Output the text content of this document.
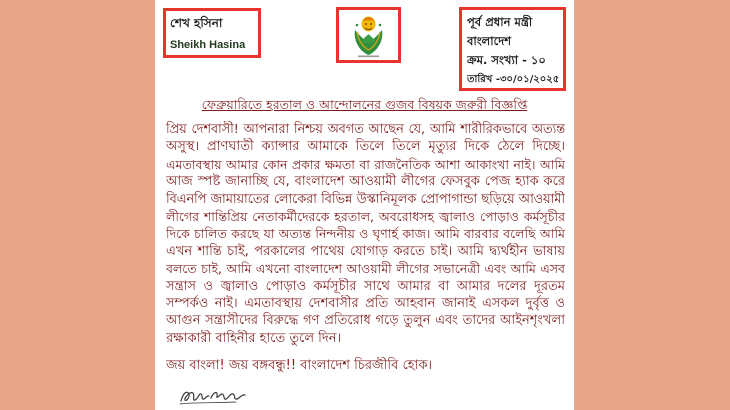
শেখ হসিনা
Sheikh Hasina
পূর্ব প্রধান মন্ত্রী
বাংলাদেশ
ক্রম. সংখ্যা - ১০
তারিখ -৩০/০১/২০২৫
ফেব্রুয়ারিতে হরতাল ও আন্দোলনের গুজব বিষয়ক জরুরী বিজ্ঞপ্তি
প্রিয় দেশবাসী! আপনারা নিশ্চয় অবগত আছেন যে, আমি শারীরিকভাবে অত্যন্ত
অসুস্থ। প্রাণঘাতী ক্যান্সার আমাকে তিলে তিলে মৃত্যুর দিকে ঠেলে দিচ্ছে।
এমতাবস্থায় আমার কোন প্রকার ক্ষমতা বা রাজনৈতিক আশা আকাংখা নাই। আমি
আজ স্পষ্ট জানাচ্ছি যে, বাংলাদেশ আওয়ামী লীগের ফেসবুক পেজ হ্যাক করে
বিএনপি জামায়াতের লোকেরা বিভিন্ন উস্কানিমূলক প্রোপাগান্ডা ছড়িয়ে আওয়ামী
লীগের শান্তিপ্রিয় নেতাকর্মীদেরকে হরতাল, অবরোধসহ জ্বালাও পোড়াও কর্মসূচীর
দিকে চালিত করছে যা অত্যন্ত নিন্দনীয় ও ঘৃণার্হ কাজ। আমি বারবার বলেছি আমি
এখন শান্তি চাই, পরকালের পাথেয় যোগাড় করতে চাই। আমি দ্ব্যর্থহীন ভাষায়
বলতে চাই, আমি এখনো বাংলাদেশ আওয়ামী লীগের সভানেত্রী এবং আমি এসব
সন্ত্রাস ও জ্বালাও পোড়াও কর্মসূচীর সাথে আমার বা আমার দলের দূরতম
সম্পর্কও নাই। এমতাবস্থায় দেশবাসীর প্রতি আহবান জানাই এসকল দুর্বৃত্ত ও
আগুন সন্ত্রাসীদের বিরুদ্ধে গণ প্রতিরোধ গড়ে তুলুন এবং তাদের আইনশৃংখলা
রক্ষাকারী বাহিনীর হাতে তুলে দিন।
জয় বাংলা! জয় বঙ্গবন্ধু!! বাংলাদেশ চিরজীবি হোক।
